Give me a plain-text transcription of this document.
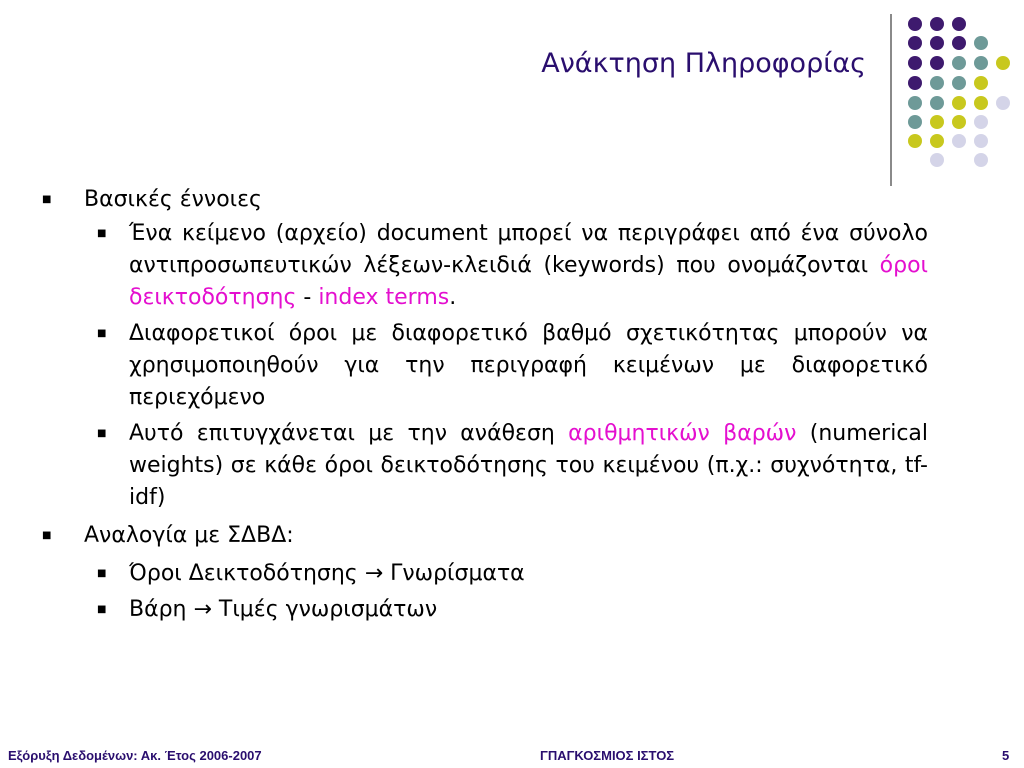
Ανάκτηση Πληροφορίας
■ Βασικές έννοιες
■ Ένα κείμενο (αρχείο) document μπορεί να περιγράφει από ένα σύνολο αντιπροσωπευτικών λέξεων-κλειδιά (keywords) που ονομάζονται όροι δεικτοδότησης - index terms.
■ Διαφορετικοί όροι με διαφορετικό βαθμό σχετικότητας μπορούν να χρησιμοποιηθούν για την περιγραφή κειμένων με διαφορετικό περιεχόμενο
■ Αυτό επιτυγχάνεται με την ανάθεση αριθμητικών βαρών (numerical weights) σε κάθε όροι δεικτοδότησης του κειμένου (π.χ.: συχνότητα, tf-idf)
■ Αναλογία με ΣΔΒΔ:
■ Όροι Δεικτοδότησης → Γνωρίσματα
■ Βάρη → Τιμές γνωρισμάτων
Εξόρυξη Δεδομένων: Ακ. Έτος 2006-2007	ΓΠΑΓΚΟΣΜΙΟΣ ΙΣΤΟΣ	5
